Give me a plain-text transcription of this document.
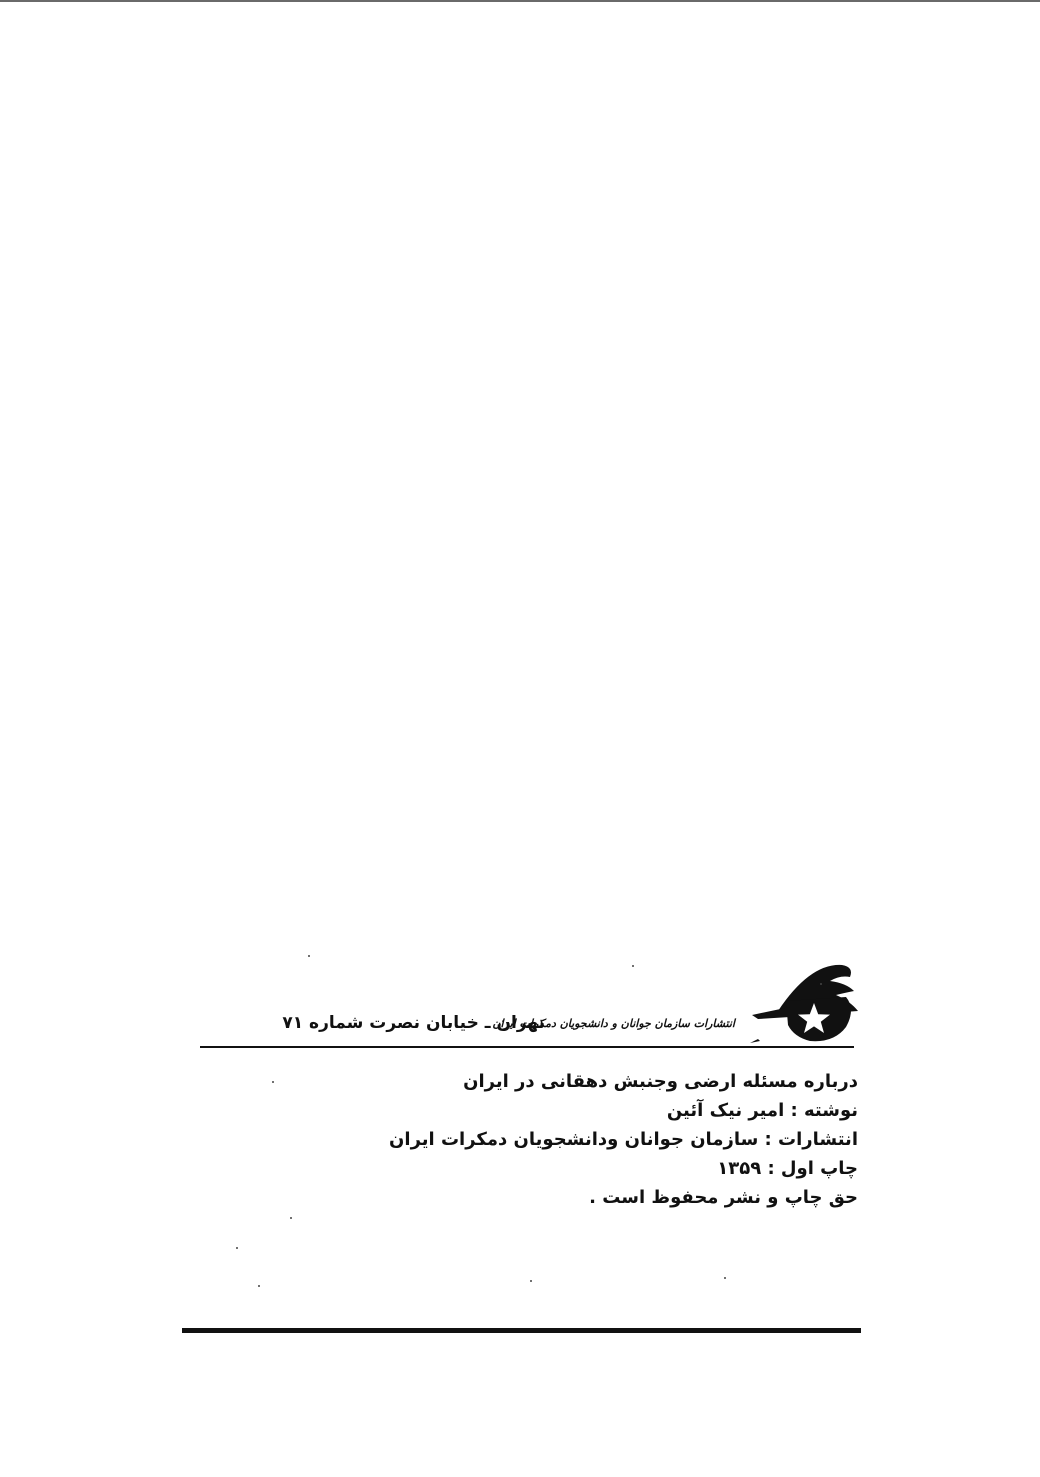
انتشارات سازمان جوانان و دانشجویان دمکرات ایران
تهران ـ خیابان نصرت شماره ۷۱
درباره مسئله ارضی وجنبش دهقانی در ایران
نوشته : امیر نیک آئین
انتشارات : سازمان جوانان ودانشجویان دمکرات ایران
چاپ اول : ۱۳۵۹
حق چاپ و نشر محفوظ است .
